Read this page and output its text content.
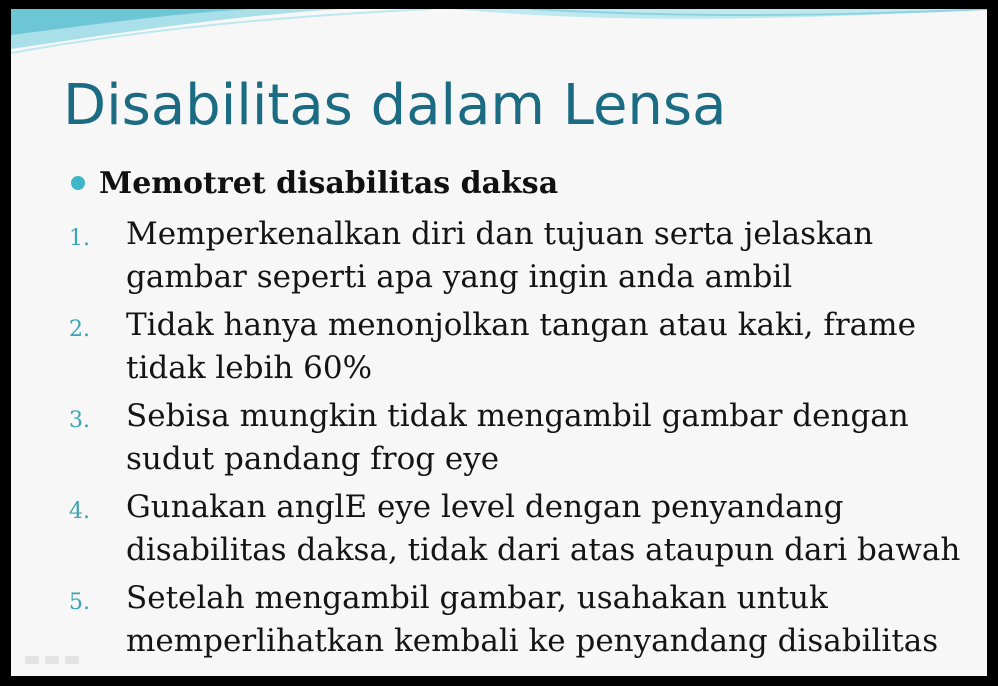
Disabilitas dalam Lensa
Memotret disabilitas daksa
1. Memperkenalkan diri dan tujuan serta jelaskan
gambar seperti apa yang ingin anda ambil
2. Tidak hanya menonjolkan tangan atau kaki, frame
tidak lebih 60%
3. Sebisa mungkin tidak mengambil gambar dengan
sudut pandang frog eye
4. Gunakan anglE eye level dengan penyandang
disabilitas daksa, tidak dari atas ataupun dari bawah
5. Setelah mengambil gambar, usahakan untuk
memperlihatkan kembali ke penyandang disabilitas
